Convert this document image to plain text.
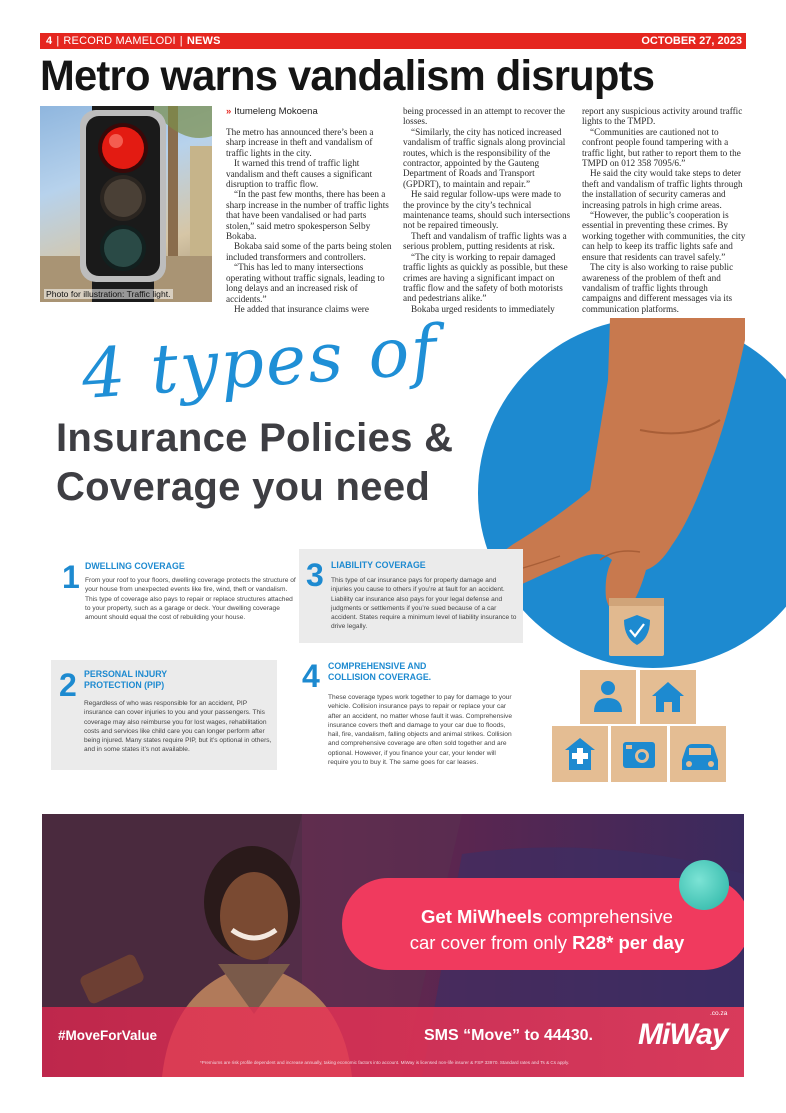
4 | RECORD MAMELODI | NEWS	OCTOBER 27, 2023
Metro warns vandalism disrupts
Photo for illustration: Traffic light.
» Itumeleng Mokoena

The metro has announced there’s been a sharp increase in theft and vandalism of traffic lights in the city.

It warned this trend of traffic light vandalism and theft causes a significant disruption to traffic flow.

“In the past few months, there has been a sharp increase in the number of traffic lights that have been vandalised or had parts stolen,” said metro spokesperson Selby Bokaba.

Bokaba said some of the parts being stolen included transformers and controllers.

“This has led to many intersections operating without traffic signals, leading to long delays and an increased risk of accidents.”

He added that insurance claims were

being processed in an attempt to recover the losses.

“Similarly, the city has noticed increased vandalism of traffic signals along provincial routes, which is the responsibility of the contractor, appointed by the Gauteng Department of Roads and Transport (GPDRT), to maintain and repair.”

He said regular follow-ups were made to the province by the city’s technical maintenance teams, should such intersections not be repaired timeously.

Theft and vandalism of traffic lights was a serious problem, putting residents at risk.

“The city is working to repair damaged traffic lights as quickly as possible, but these crimes are having a significant impact on traffic flow and the safety of both motorists and pedestrians alike.”

Bokaba urged residents to immediately

report any suspicious activity around traffic lights to the TMPD.

“Communities are cautioned not to confront people found tampering with a traffic light, but rather to report them to the TMPD on 012 358 7095/6.”

He said the city would take steps to deter theft and vandalism of traffic lights through the installation of security cameras and increasing patrols in high crime areas.

“However, the public’s cooperation is essential in preventing these crimes. By working together with communities, the city can help to keep its traffic lights safe and ensure that residents can travel safely.”

The city is also working to raise public awareness of the problem of theft and vandalism of traffic lights through campaigns and different messages via its communication platforms.

4 types of
Insurance Policies &
Coverage you need
1 DWELLING COVERAGE
From your roof to your floors, dwelling coverage protects the structure of your house from unexpected events like fire, wind, theft or vandalism. This type of coverage also pays to repair or replace structures attached to your property, such as a garage or deck. Your dwelling coverage amount should equal the cost of rebuilding your house.
3 LIABILITY COVERAGE
This type of car insurance pays for property damage and injuries you cause to others if you’re at fault for an accident. Liability car insurance also pays for your legal defense and judgments or settlements if you’re sued because of a car accident. States require a minimum level of liability insurance to drive legally.
2 PERSONAL INJURY PROTECTION (PIP)
Regardless of who was responsible for an accident, PIP insurance can cover injuries to you and your passengers. This coverage may also reimburse you for lost wages, rehabilitation costs and services like child care you can longer perform after being injured. Many states require PIP, but it’s optional in others, and in some states it’s not available.
4 COMPREHENSIVE AND COLLISION COVERAGE.
These coverage types work together to pay for damage to your vehicle. Collision insurance pays to repair or replace your car after an accident, no matter whose fault it was. Comprehensive insurance covers theft and damage to your car due to floods, hail, fire, vandalism, falling objects and animal strikes. Collision and comprehensive coverage are often sold together and are optional. However, if you finance your car, your lender will require you to buy it. The same goes for car leases.
Get MiWheels comprehensive
car cover from only R28* per day
#MoveForValue	SMS “Move” to 44430.
.co.za
MiWay
*Premiums are risk profile dependent and increase annually, taking economic factors into account. MiWay is licensed non-life insurer & FSP 33970. Standard rates and Ts & Cs apply.
